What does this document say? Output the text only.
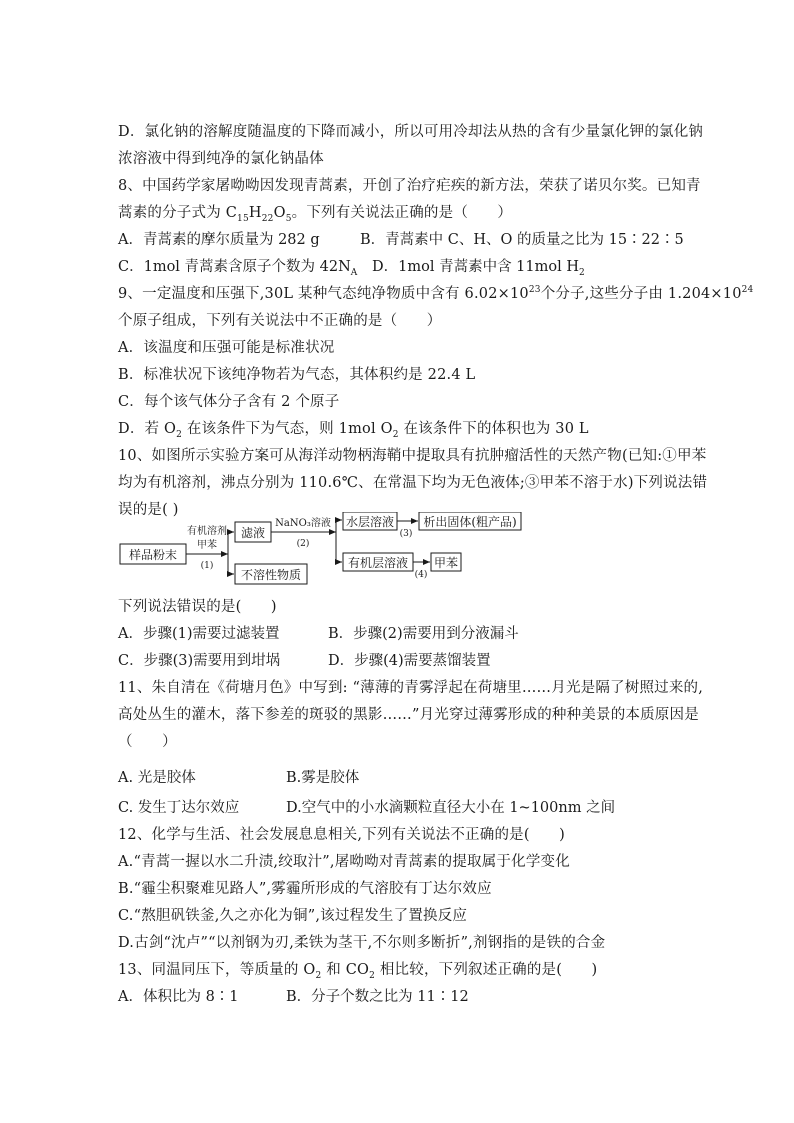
D．氯化钠的溶解度随温度的下降而减小，所以可用冷却法从热的含有少量氯化钾的氯化钠
浓溶液中得到纯净的氯化钠晶体
8、中国药学家屠呦呦因发现青蒿素，开创了治疗疟疾的新方法，荣获了诺贝尔奖。已知青
蒿素的分子式为 $C_{15}H_{22}O_5$。下列有关说法正确的是（　　）
A．青蒿素的摩尔质量为 282 g	B．青蒿素中 C、H、O 的质量之比为 15∶22∶5
C．1mol 青蒿素含原子个数为 $42N_A$ D．1mol 青蒿素中含 11mol $H_2$
9、一定温度和压强下,30L 某种气态纯净物质中含有 $6.02\times 10^{23}$个分子,这些分子由 $1.204\times 10^{24}$
个原子组成，下列有关说法中不正确的是（　　）
A．该温度和压强可能是标准状况
B．标准状况下该纯净物若为气态，其体积约是 22.4 L
C．每个该气体分子含有 2 个原子
D．若 $O_2$ 在该条件下为气态，则 1mol $O_2$ 在该条件下的体积也为 30 L
10、如图所示实验方案可从海洋动物柄海鞘中提取具有抗肿瘤活性的天然产物(已知:①甲苯
均为有机溶剂，沸点分别为 110.6℃、在常温下均为无色液体;③甲苯不溶于水)下列说法错
误的是( )
样品粉末
有机溶剂
甲苯
(1)
滤液
不溶性物质
NaNO₃溶液
(2)
水层溶液
有机层溶液
(3)
析出固体(粗产品)
(4)
甲苯
下列说法错误的是(　　)
A．步骤(1)需要过滤装置	B．步骤(2)需要用到分液漏斗
C．步骤(3)需要用到坩埚	D．步骤(4)需要蒸馏装置
11、朱自清在《荷塘月色》中写到: “薄薄的青雾浮起在荷塘里……月光是隔了树照过来的,
高处丛生的灌木，落下参差的斑驳的黑影……”月光穿过薄雾形成的种种美景的本质原因是
（　　）
A. 光是胶体	B.雾是胶体
C. 发生丁达尔效应	D.空气中的小水滴颗粒直径大小在 1~100nm 之间
12、化学与生活、社会发展息息相关,下列有关说法不正确的是(　　)
A.“青蒿一握以水二升渍,绞取汁”,屠呦呦对青蒿素的提取属于化学变化
B.“霾尘积聚难见路人”,雾霾所形成的气溶胶有丁达尔效应
C.“熬胆矾铁釜,久之亦化为铜”,该过程发生了置换反应
D.古剑“沈卢”“以剂钢为刃,柔铁为茎干,不尔则多断折”,剂钢指的是铁的合金
13、同温同压下，等质量的 $O_2$ 和 $CO_2$ 相比较，下列叙述正确的是(　　)
A．体积比为 8∶1	B．分子个数之比为 11∶12
